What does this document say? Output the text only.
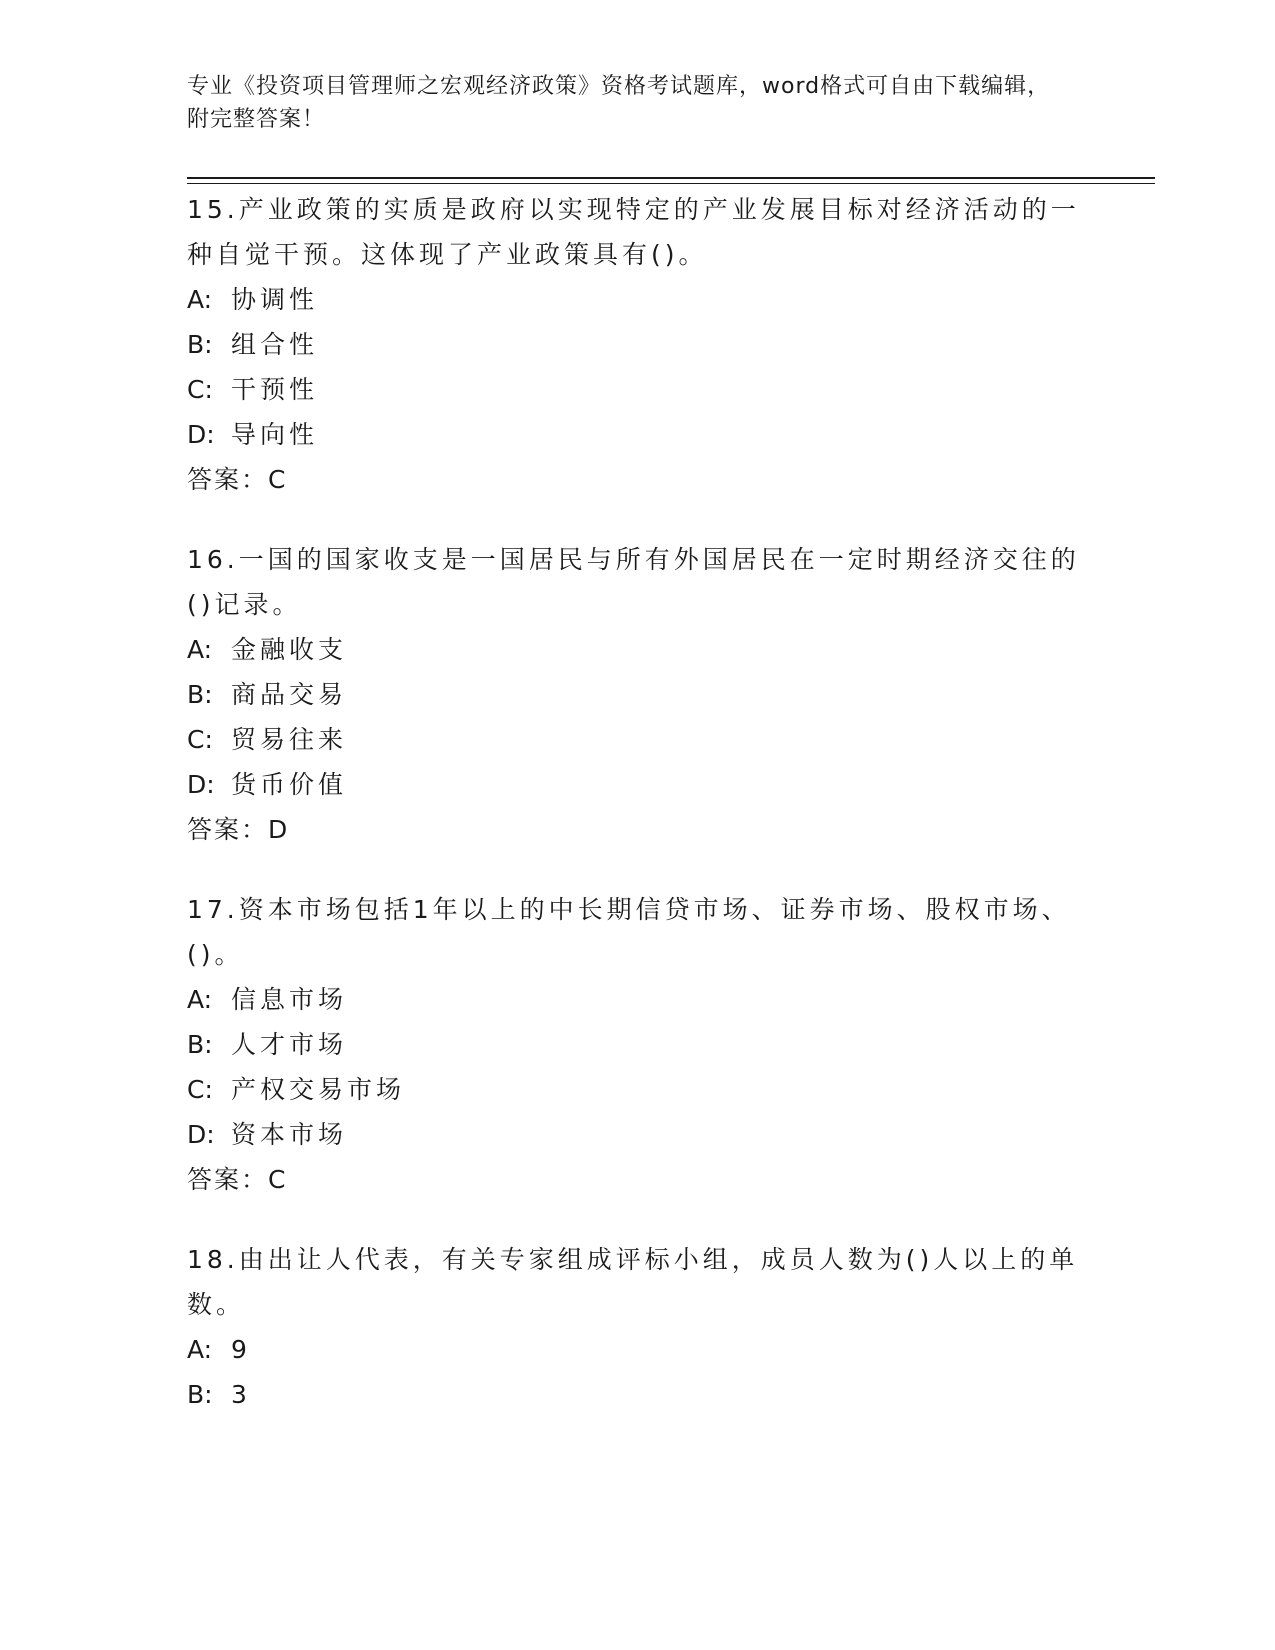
专业《投资项目管理师之宏观经济政策》资格考试题库，word格式可自由下载编辑，附完整答案！

15.产业政策的实质是政府以实现特定的产业发展目标对经济活动的一种自觉干预。这体现了产业政策具有()。

A: 协调性
B: 组合性
C: 干预性
D: 导向性

答案：C

16.一国的国家收支是一国居民与所有外国居民在一定时期经济交往的()记录。

A: 金融收支
B: 商品交易
C: 贸易往来
D: 货币价值

答案：D

17.资本市场包括1年以上的中长期信贷市场、证券市场、股权市场、()。

A: 信息市场
B: 人才市场
C: 产权交易市场
D: 资本市场

答案：C

18.由出让人代表，有关专家组成评标小组，成员人数为()人以上的单数。

A: 9
B: 3
